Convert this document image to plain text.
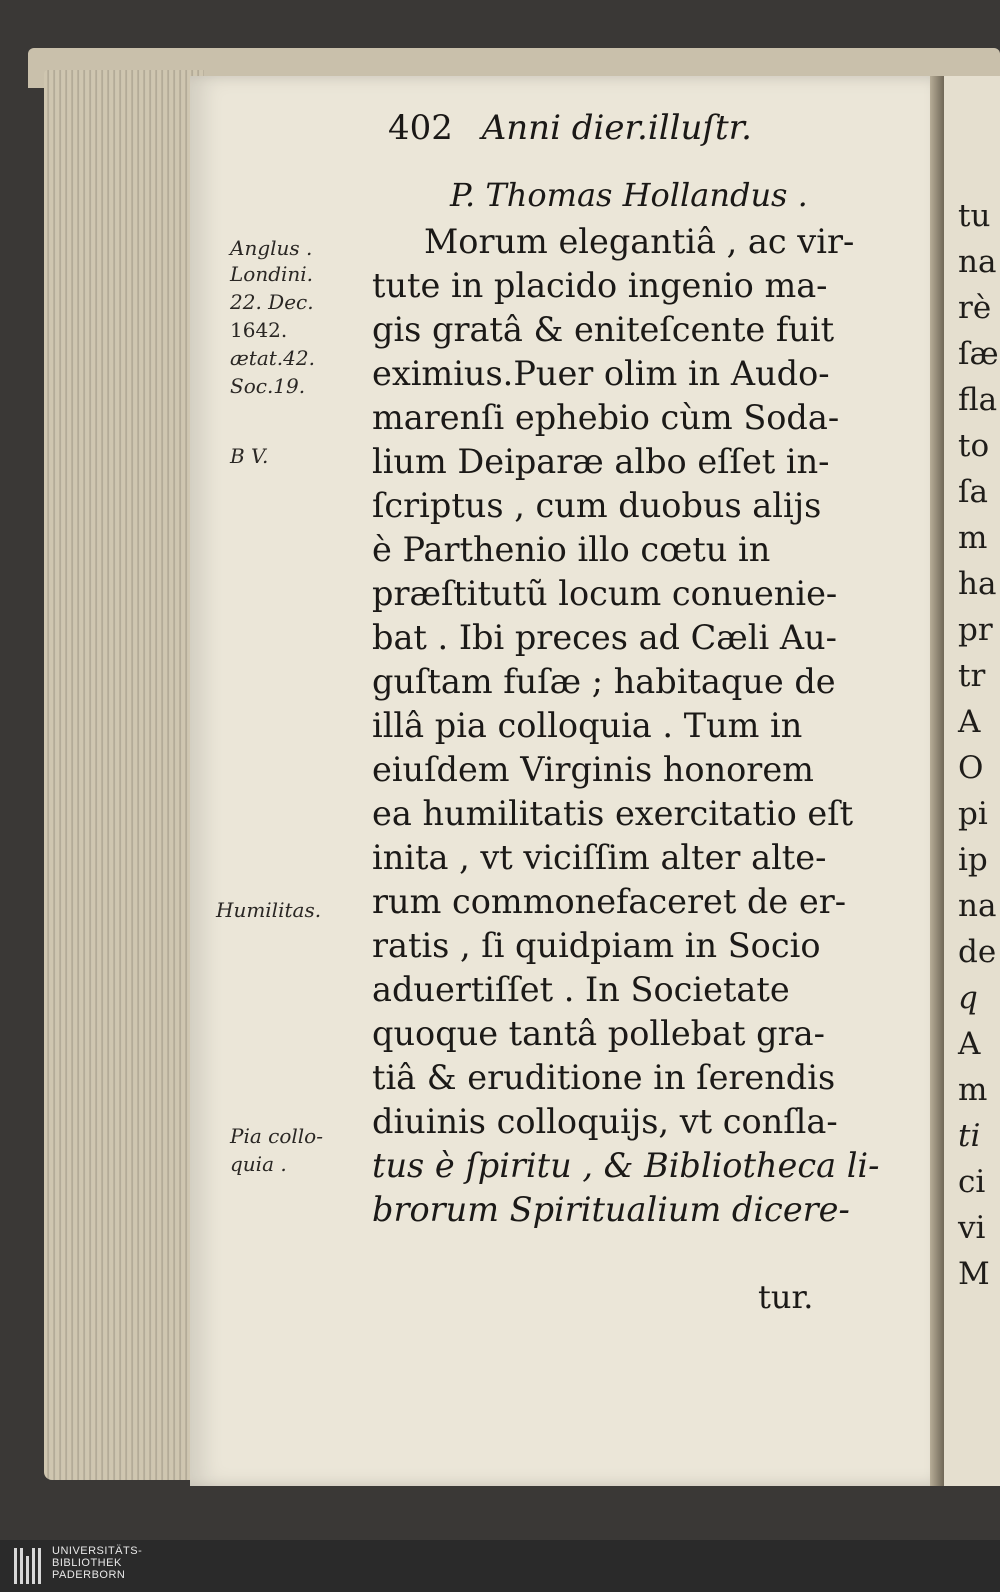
402 Anni dier.illuſtr.
P. Thomas Hollandus .
Morum elegantiâ , ac vir-
tute in placido ingenio ma-
gis gratâ & eniteſcente fuit
eximius.Puer olim in Audo-
marenſi ephebio cùm Soda-
lium Deiparæ albo eſſet in-
ſcriptus , cum duobus alijs
è Parthenio illo cœtu in
præſtitutũ locum conuenie-
bat . Ibi preces ad Cæli Au-
guſtam fuſæ ; habitaque de
illâ pia colloquia . Tum in
eiuſdem Virginis honorem
ea humilitatis exercitatio eſt
inita , vt viciſſim alter alte-
rum commonefaceret de er-
ratis , ſi quidpiam in Socio
aduertiſſet . In Societate
quoque tantâ pollebat gra-
tiâ & eruditione in ſerendis
diuinis colloquijs, vt conſla-
tus è ſpiritu , & Bibliotheca li-
brorum Spiritualium dicere-
tur.
Anglus .
Londini.
22. Dec.
1642.
ætat.42.
Soc.19.
B V.
Humilitas.
Pia collo-
quia .
tu
na
rè
ſæ
fla
to
ſa
m
ha
pr
tr
A
O
pi
ip
na
de
q
A
m
ti
ci
vi
M
UNIVERSITÄTS-
BIBLIOTHEK
PADERBORN
